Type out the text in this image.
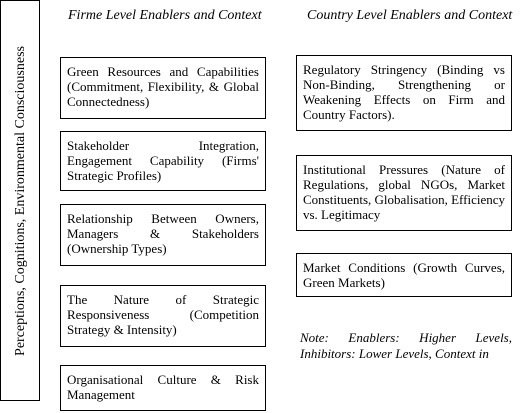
Perceptions, Cognitions, Environmental Consciousness
Firme Level Enablers and Context	Country Level Enablers and Context
Green Resources and Capabilities (Commitment, Flexibility, & Global Connectedness)
Stakeholder Integration, Engagement Capability (Firms' Strategic Profiles)
Relationship Between Owners, Managers & Stakeholders (Ownership Types)
The Nature of Strategic Responsiveness (Competition Strategy & Intensity)
Organisational Culture & Risk Management
Regulatory Stringency (Binding vs Non-Binding, Strengthening or Weakening Effects on Firm and Country Factors).
Institutional Pressures (Nature of Regulations, global NGOs, Market Constituents, Globalisation, Efficiency vs. Legitimacy
Market Conditions (Growth Curves, Green Markets)
Note: Enablers: Higher Levels, Inhibitors: Lower Levels, Context in
